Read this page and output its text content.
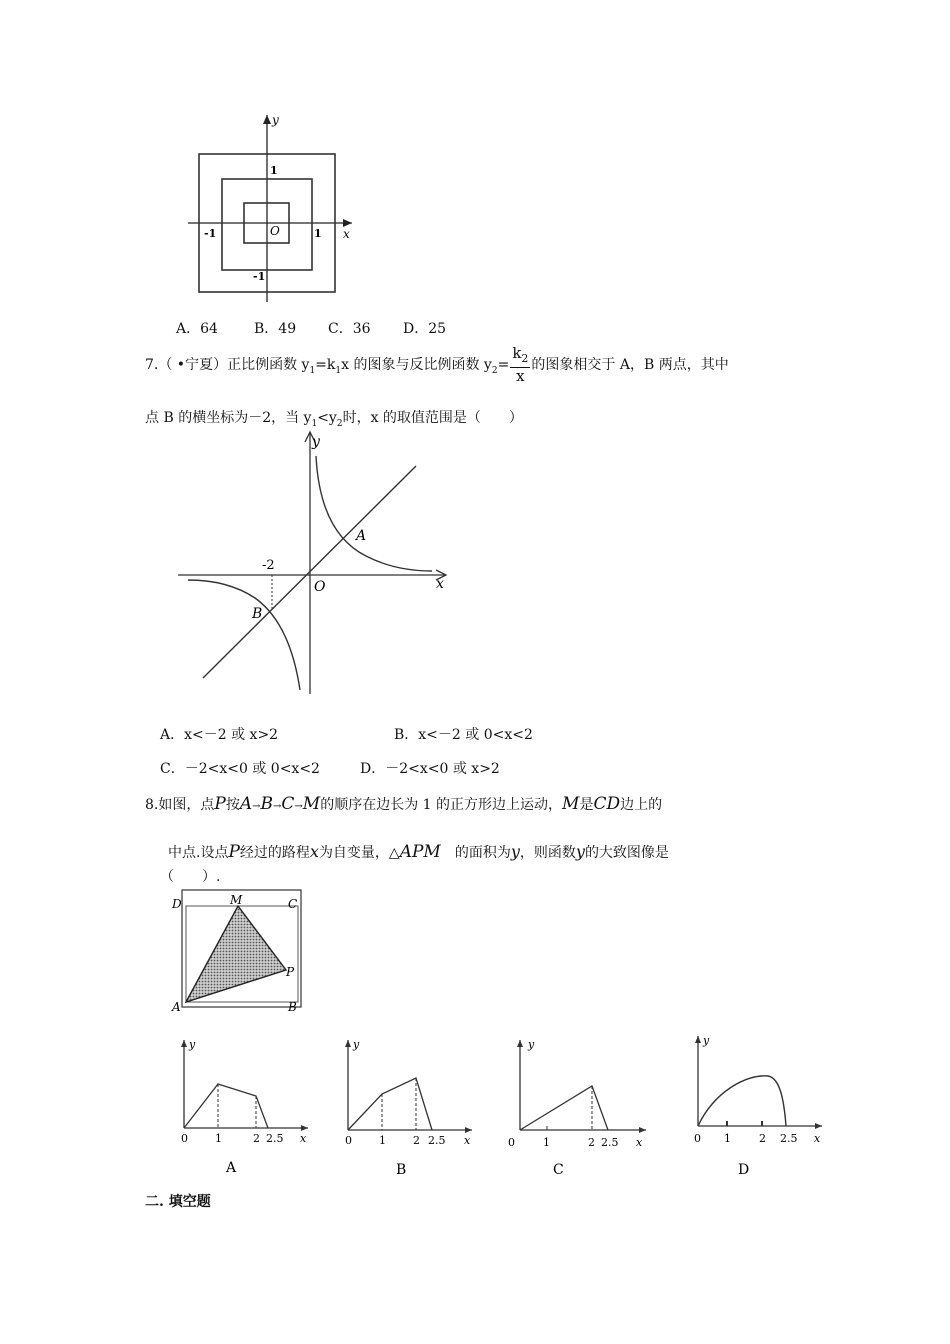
y
x
O
1
-1
1
-1
A．64	B．49 C．36 D．25
7.（ •宁夏）正比例函数 $y_1=k_1x$ 的图象与反比例函数 $y_2= \frac{k_2}{x}$ 的图象相交于 A，B 两点，其中
点 B 的横坐标为－2，当 $y_1<y_2$时，x 的取值范围是（　　）
y
x
O
A
B
-2
A．x<－2 或 x>2	B．x<－2 或 0<x<2
C．－2<x<0 或 0<x<2	D．－2<x<0 或 x>2
8.如图，点P按A→B→C→M的顺序在边长为 1 的正方形边上运动，M是CD边上的
中点.设点P经过的路程x为自变量，△APM 的面积为y，则函数y的大致图像是
（　　）.
D	M	C
P
A	B
y
0 1	2 2.5 x
A
y
0 1 2 2.5 x
B
y
0	1	2 2.5 x
C
y
0 1	2 2.5 x
D
二. 填空题
